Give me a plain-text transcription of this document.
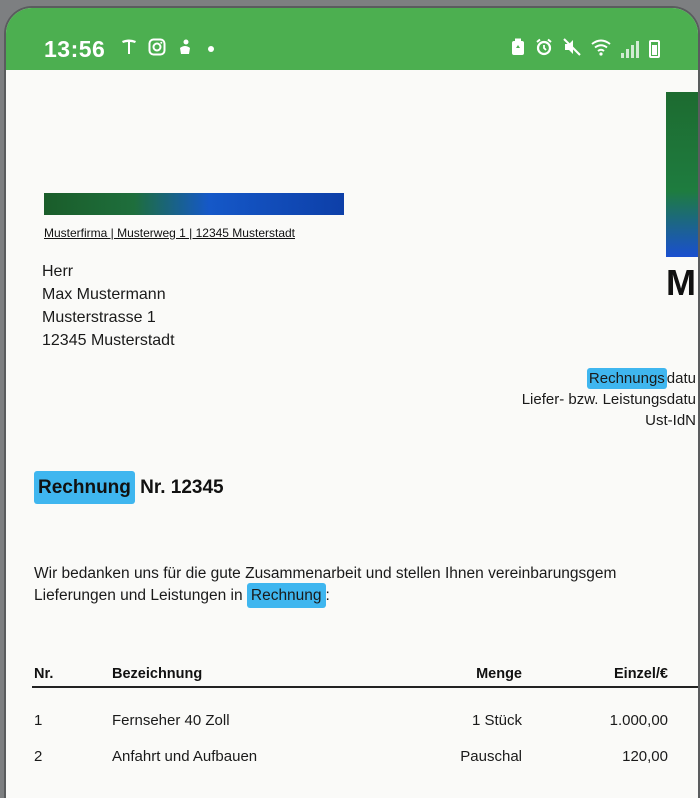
13:56
Musterfirma | Musterweg 1 | 12345 Musterstadt
M
Herr
Max Mustermann
Musterstrasse 1
12345 Musterstadt
Rechnungs datu
Liefer- bzw. Leistungsdatu
Ust-IdN
Rechnung Nr. 12345
Wir bedanken uns für die gute Zusammenarbeit und stellen Ihnen vereinbarungsgem
Lieferungen und Leistungen in Rechnung :
Nr.	Bezeichnung	Menge	Einzel/€
1	Fernseher 40 Zoll	1 Stück	1.000,00
2	Anfahrt und Aufbauen	Pauschal	120,00
